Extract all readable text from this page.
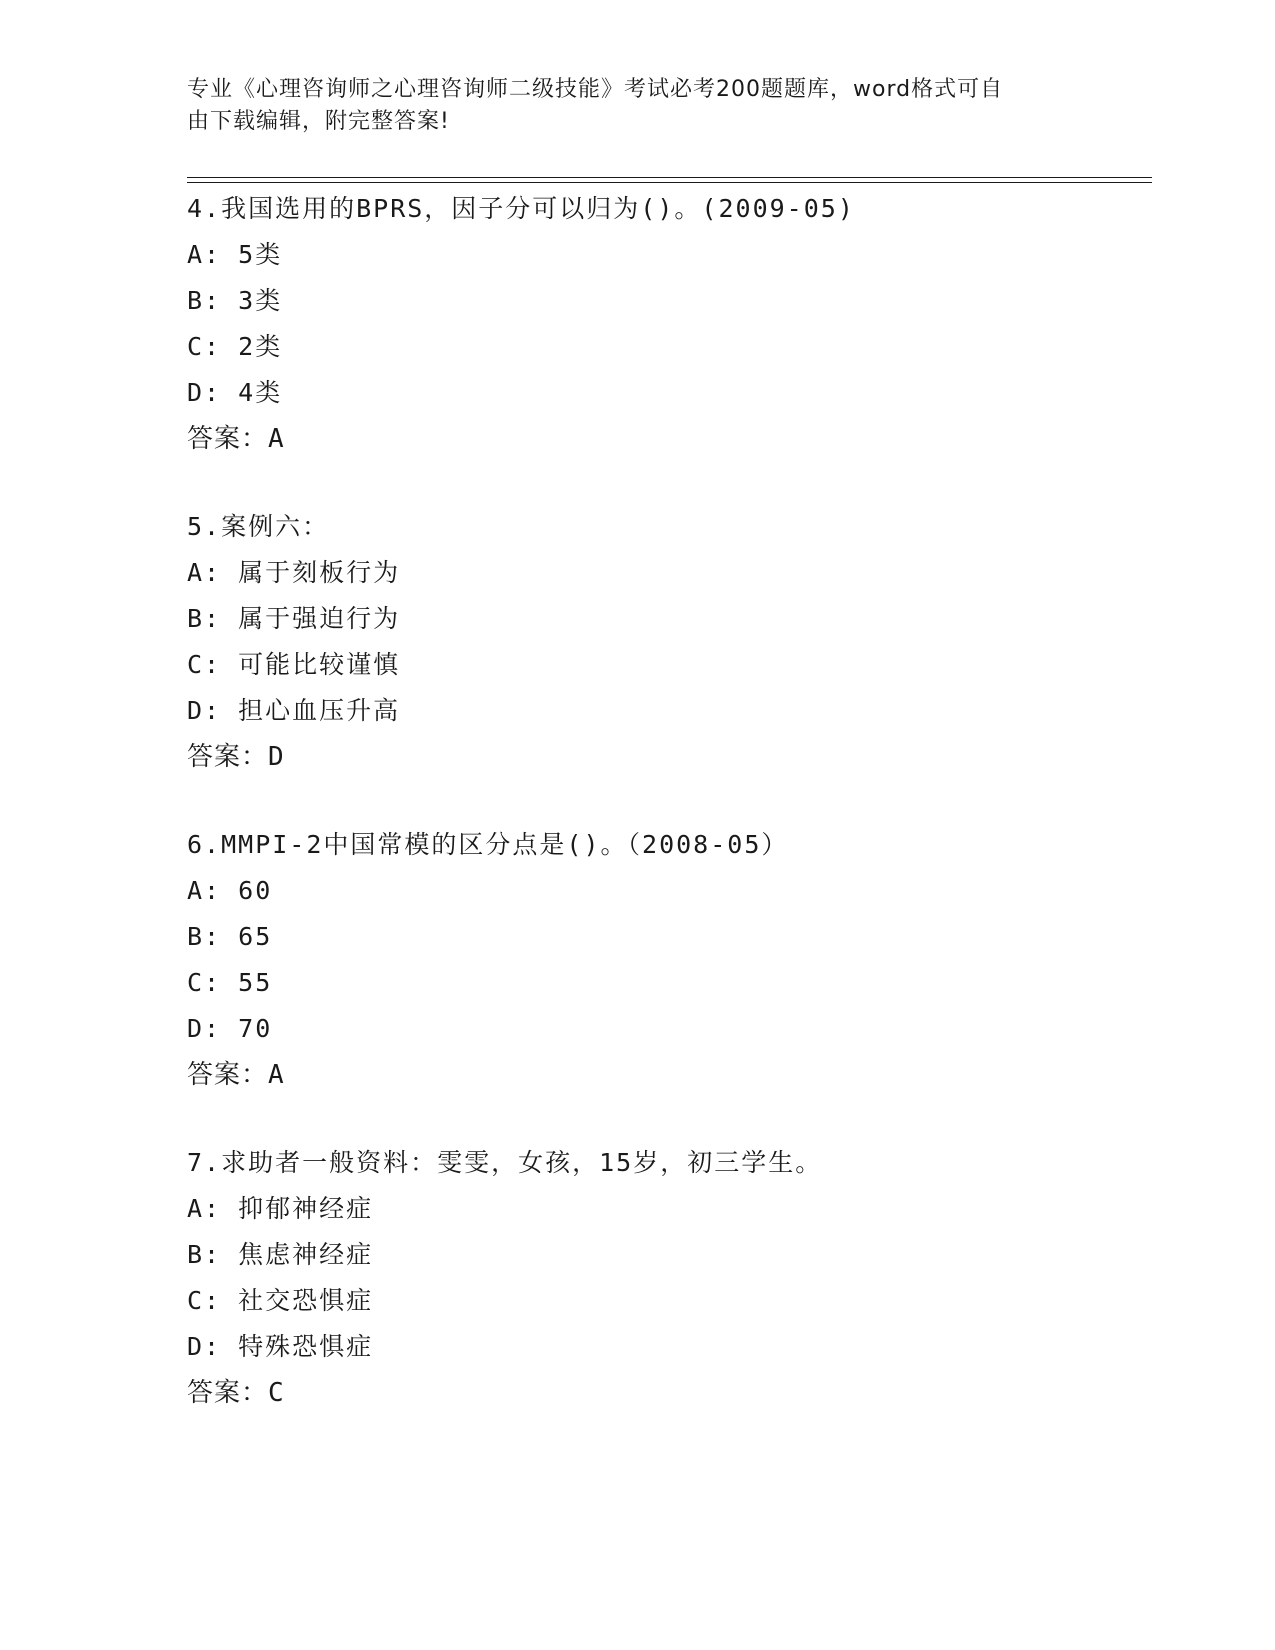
专业《心理咨询师之心理咨询师二级技能》考试必考200题题库，word格式可自
由下载编辑，附完整答案!
4.我国选用的BPRS，因子分可以归为()。(2009-05)
A: 5类
B: 3类
C: 2类
D: 4类
答案：A
5.案例六：
A: 属于刻板行为
B: 属于强迫行为
C: 可能比较谨慎
D: 担心血压升高
答案：D
6.MMPI-2中国常模的区分点是()。（2008-05）
A: 60
B: 65
C: 55
D: 70
答案：A
7.求助者一般资料：雯雯，女孩，15岁，初三学生。
A: 抑郁神经症
B: 焦虑神经症
C: 社交恐惧症
D: 特殊恐惧症
答案：C
